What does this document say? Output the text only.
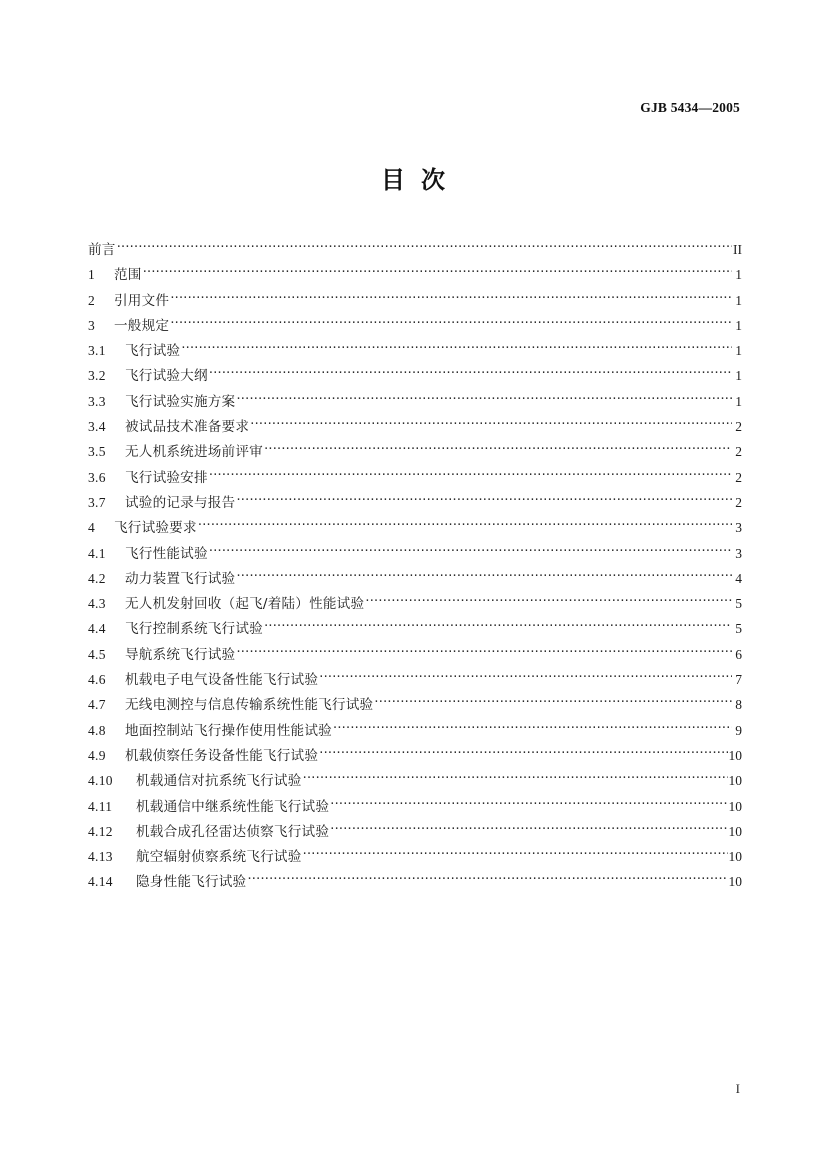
GJB 5434—2005
目次
前言 ·····	II
1	范围 ·····	1
2	引用文件 ·····	1
3	一般规定 ·····	1
3.1	飞行试验 ·····	1
3.2	飞行试验大纲 ·····	1
3.3	飞行试验实施方案 ·····	1
3.4	被试品技术准备要求 ·····	2
3.5	无人机系统进场前评审 ·····	2
3.6	飞行试验安排 ·····	2
3.7	试验的记录与报告 ·····	2
4	飞行试验要求 ·····	3
4.1	飞行性能试验 ·····	3
4.2	动力装置飞行试验 ·····	4
4.3	无人机发射回收（起飞/着陆）性能试验 ·····	5
4.4	飞行控制系统飞行试验 ·····	5
4.5	导航系统飞行试验 ·····	6
4.6	机载电子电气设备性能飞行试验 ·····	7
4.7	无线电测控与信息传输系统性能飞行试验 ·····	8
4.8	地面控制站飞行操作使用性能试验 ·····	9
4.9	机载侦察任务设备性能飞行试验 ·····	10
4.10	机载通信对抗系统飞行试验 ·····	10
4.11	机载通信中继系统性能飞行试验 ·····	10
4.12	机载合成孔径雷达侦察飞行试验 ·····	10
4.13	航空辐射侦察系统飞行试验 ·····	10
4.14	隐身性能飞行试验 ·····	10
I
